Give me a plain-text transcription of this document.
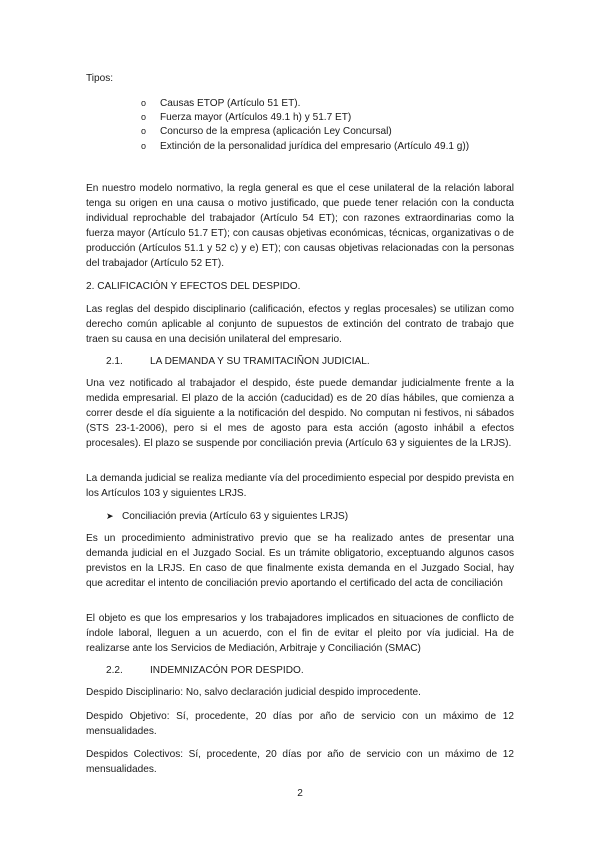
Tipos:
o Causas ETOP (Artículo 51 ET).
o Fuerza mayor (Artículos 49.1 h) y 51.7 ET)
o Concurso de la empresa (aplicación Ley Concursal)
o Extinción de la personalidad jurídica del empresario (Artículo 49.1 g))
En nuestro modelo normativo, la regla general es que el cese unilateral de la relación laboral tenga su origen en una causa o motivo justificado, que puede tener relación con la conducta individual reprochable del trabajador (Artículo 54 ET); con razones extraordinarias como la fuerza mayor (Artículo 51.7 ET); con causas objetivas económicas, técnicas, organizativas o de producción (Artículos 51.1 y 52 c) y e) ET); con causas objetivas relacionadas con la personas del trabajador (Artículo 52 ET).
2. CALIFICACIÓN Y EFECTOS DEL DESPIDO.
Las reglas del despido disciplinario (calificación, efectos y reglas procesales) se utilizan como derecho común aplicable al conjunto de supuestos de extinción del contrato de trabajo que traen su causa en una decisión unilateral del empresario.
2.1.	LA DEMANDA Y SU TRAMITACIÑON JUDICIAL.
Una vez notificado al trabajador el despido, éste puede demandar judicialmente frente a la medida empresarial. El plazo de la acción (caducidad) es de 20 días hábiles, que comienza a correr desde el día siguiente a la notificación del despido. No computan ni festivos, ni sábados (STS 23-1-2006), pero si el mes de agosto para esta acción (agosto inhábil a efectos procesales). El plazo se suspende por conciliación previa (Artículo 63 y siguientes de la LRJS).
La demanda judicial se realiza mediante vía del procedimiento especial por despido prevista en los Artículos 103 y siguientes LRJS.
➤ Conciliación previa (Artículo 63 y siguientes LRJS)
Es un procedimiento administrativo previo que se ha realizado antes de presentar una demanda judicial en el Juzgado Social. Es un trámite obligatorio, exceptuando algunos casos previstos en la LRJS. En caso de que finalmente exista demanda en el Juzgado Social, hay que acreditar el intento de conciliación previo aportando el certificado del acta de conciliación
El objeto es que los empresarios y los trabajadores implicados en situaciones de conflicto de índole laboral, lleguen a un acuerdo, con el fin de evitar el pleito por vía judicial. Ha de realizarse ante los Servicios de Mediación, Arbitraje y Conciliación (SMAC)
2.2.	INDEMNIZACÓN POR DESPIDO.
Despido Disciplinario: No, salvo declaración judicial despido improcedente.
Despido Objetivo: Sí, procedente, 20 días por año de servicio con un máximo de 12 mensualidades.
Despidos Colectivos: Sí, procedente, 20 días por año de servicio con un máximo de 12 mensualidades.
2
